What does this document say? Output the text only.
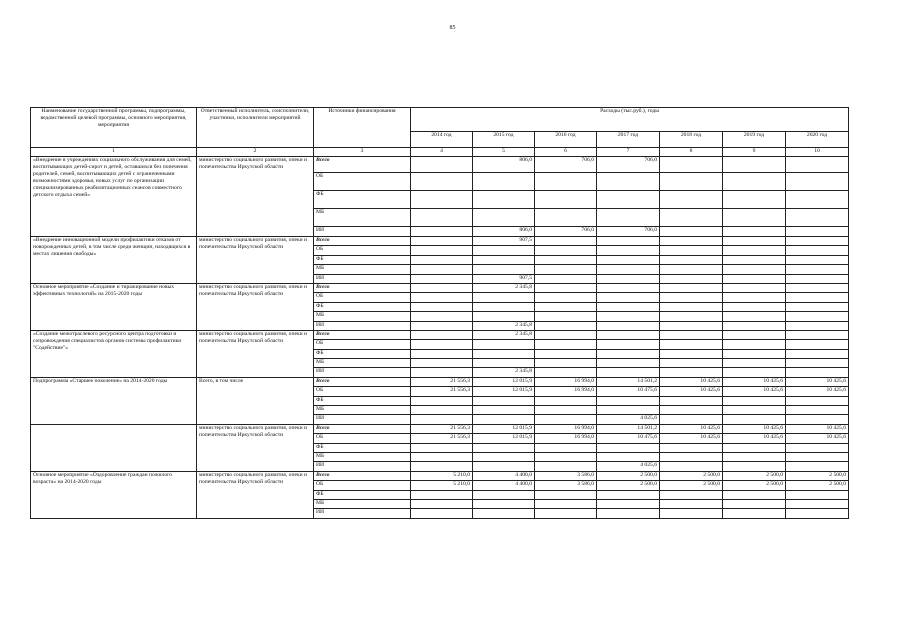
85
Наименование государственной программы, подпрограммы, ведомственной целевой программы, основного мероприятия, мероприятия	Ответственный исполнитель, соисполнители, участники, исполнители мероприятий	Источники финансирования	Расходы (тыс.руб.), годы						
			2014 год	2015 год	2016 год	2017 год	2018 год	2019 год	2020 год
1	2	3	4	5	6	7	8	9	10
«Внедрение в учреждениях социального обслуживания для семей, воспитывающих детей-сирот и детей, оставшихся без попечения родителей, семей, воспитывающих детей с ограниченными возможностями здоровья, новых услуг по организации специализированных реабилитационных сеансов совместного детского отдыха семей»	министерство социального развития, опеки и попечительства Иркутской области	Всего		806,0	706,0	706,0			
		ОБ							
		ФБ							
		МБ							
		ИИ		806,0	706,0	706,0			
«Внедрение инновационной модели профилактики отказов от новорожденных детей, в том числе среди женщин, находящихся в местах лишения свободы»	министерство социального развития, опеки и попечительства Иркутской области	Всего		907,5					
		ОБ							
		ФБ							
		МБ							
		ИИ		907,5					
Основное мероприятие «Создание и тиражирование новых эффективных технологий» на 2015-2020 годы	министерство социального развития, опеки и попечительства Иркутской области	Всего		2 345,8					
		ОБ							
		ФБ							
		МБ							
		ИИ		2 345,8					
«Создание межотраслевого ресурсного центра подготовки и сопровождения специалистов органов системы профилактики "Содействие"»	министерство социального развития, опеки и попечительства Иркутской области	Всего		2 345,8					
		ОБ							
		ФБ							
		МБ							
		ИИ		2 345,8					
Подпрограмма «Старшее поколение» на 2014-2020 годы	Всего, в том числе	Всего	21 556,3	12 015,9	16 994,0	14 501,2	10 425,6	10 425,6	10 425,6
		ОБ	21 556,3	12 015,9	16 994,0	10 475,6	10 425,6	10 425,6	10 425,6
		ФБ							
		МБ							
		ИИ				4 025,6			
	министерство социального развития, опеки и попечительства Иркутской области	Всего	21 556,3	12 015,9	16 994,0	14 501,2	10 425,6	10 425,6	10 425,6
		ОБ	21 556,3	12 015,9	16 994,0	10 475,6	10 425,6	10 425,6	10 425,6
		ФБ							
		МБ							
		ИИ				4 025,6			
Основное мероприятие «Оздоровление граждан пожилого возраста» на 2014-2020 годы	министерство социального развития, опеки и попечительства Иркутской области	Всего	5 210,0	4 400,0	3 586,0	2 500,0	2 500,0	2 500,0	2 500,0
		ОБ	5 210,0	4 400,0	3 586,0	2 500,0	2 500,0	2 500,0	2 500,0
		ФБ							
		МБ							
		ИИ							
